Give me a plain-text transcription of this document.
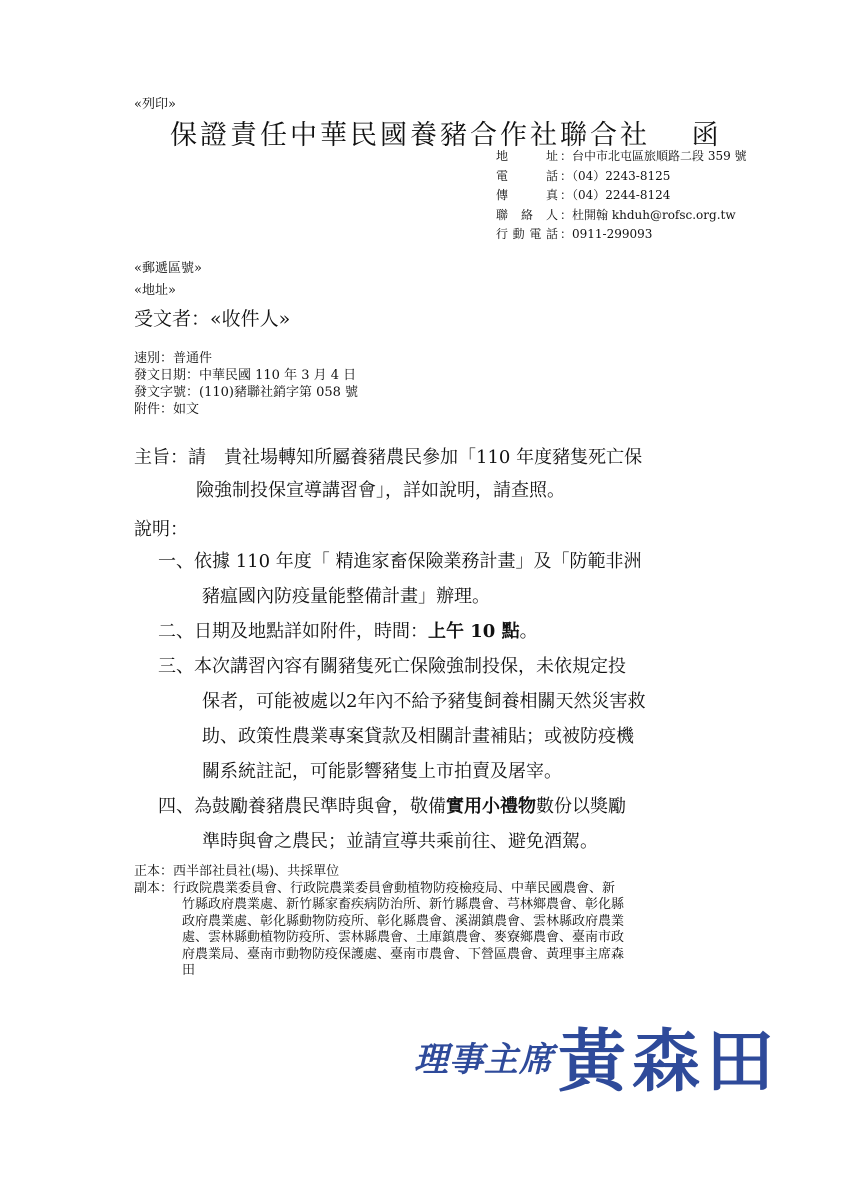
«列印»
保證責任中華民國養豬合作社聯合社　 函
地　址 ：台中市北屯區旅順路二段 359 號
電　話 ：（04）2243-8125
傳　真 ：（04）2244-8124
聯絡人 ：杜開翰 khduh@rofsc.org.tw
行動電話 ：0911-299093
«郵遞區號»
«地址»
受文者：«收件人»
速別：普通件
發文日期：中華民國 110 年 3 月 4 日
發文字號：(110)豬聯社銷字第 058 號
附件：如文
主旨：請　貴社場轉知所屬養豬農民參加「110 年度豬隻死亡保
險強制投保宣導講習會」，詳如說明，請查照。
說明：
一、依據 110 年度「 精進家畜保險業務計畫」及「防範非洲
豬瘟國內防疫量能整備計畫」辦理。
二、日期及地點詳如附件，時間：上午 10 點。
三、本次講習內容有關豬隻死亡保險強制投保，未依規定投
保者，可能被處以2年內不給予豬隻飼養相關天然災害救
助、政策性農業專案貸款及相關計畫補貼；或被防疫機
關系統註記，可能影響豬隻上市拍賣及屠宰。
四、為鼓勵養豬農民準時與會，敬備實用小禮物數份以獎勵
準時與會之農民；並請宣導共乘前往、避免酒駕。
正本：西半部社員社(場)、共採單位
副本：行政院農業委員會、行政院農業委員會動植物防疫檢疫局、中華民國農會、新
竹縣政府農業處、新竹縣家畜疾病防治所、新竹縣農會、芎林鄉農會、彰化縣
政府農業處、彰化縣動物防疫所、彰化縣農會、溪湖鎮農會、雲林縣政府農業
處、雲林縣動植物防疫所、雲林縣農會、土庫鎮農會、麥寮鄉農會、臺南市政
府農業局、臺南市動物防疫保護處、臺南市農會、下營區農會、黃理事主席森
田
理事主席黃森田
